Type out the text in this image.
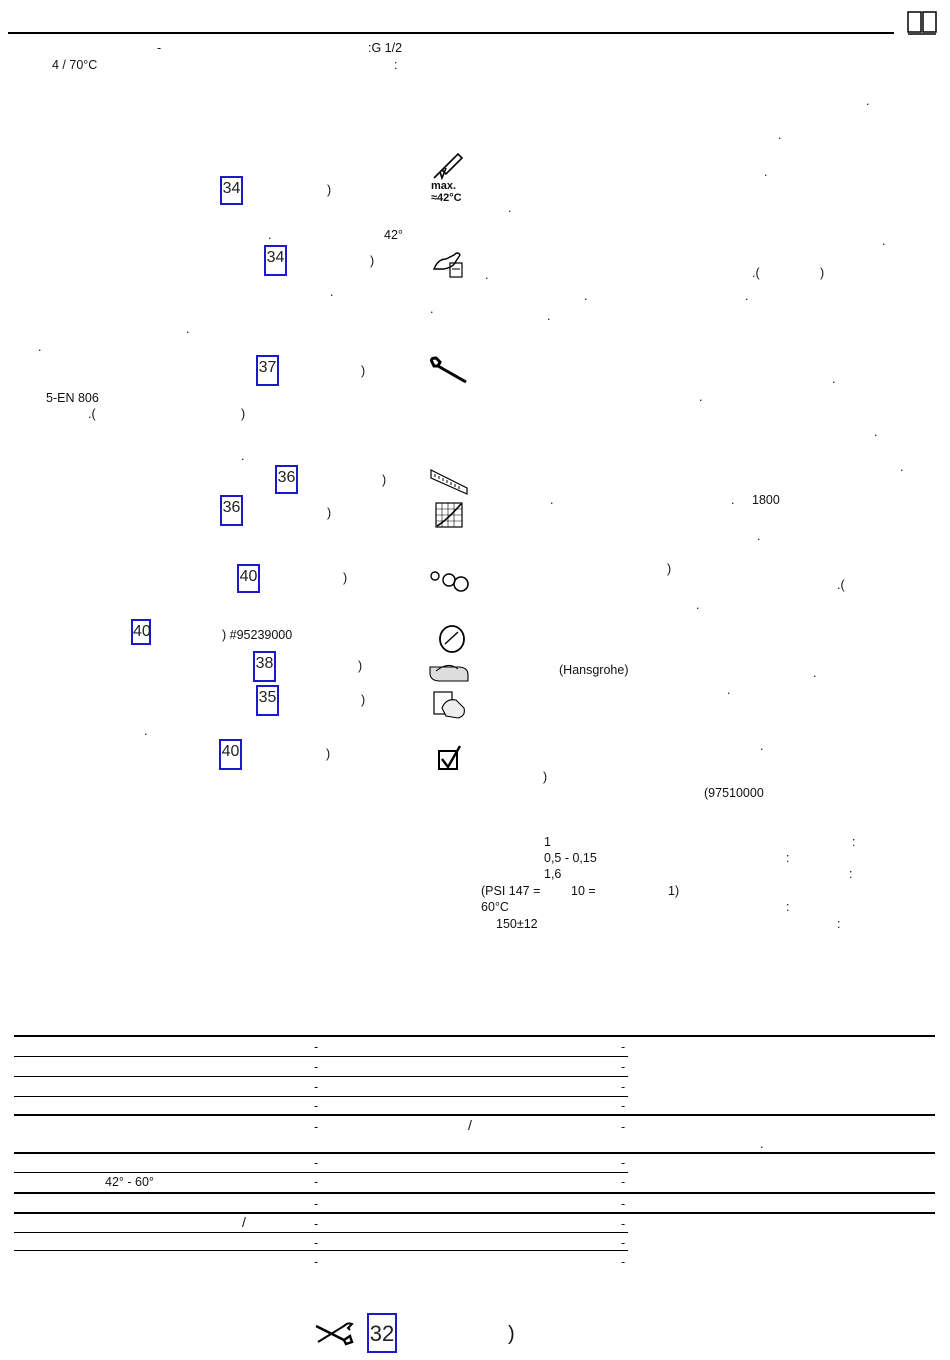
-	:G 1/2
4 / 70°C	:
34	)
.	42°
34	)
.
.
.
37	)
5-EN 806
.(	)
.
36	)
36	)
40	)
40	) #95239000
38	)
35	)
.
40	)
max.
≈42°C
.
.
.
.
.
.	.(	)
.	.
.	.
.
.
.
.
.	. 1800
.
)
.(
.
(Hansgrohe)	.
.
.
)
(97510000
1	:
0,5 - 0,15	:
1,6	:
(PSI 147 = 10 =	1)
60°C	:
150±12	:
-	-
-	-
-	-
-	-
-	/	-
.
-	-
42° - 60°	-	-
-	-
/	-	-
-	-
-	-
32	)
